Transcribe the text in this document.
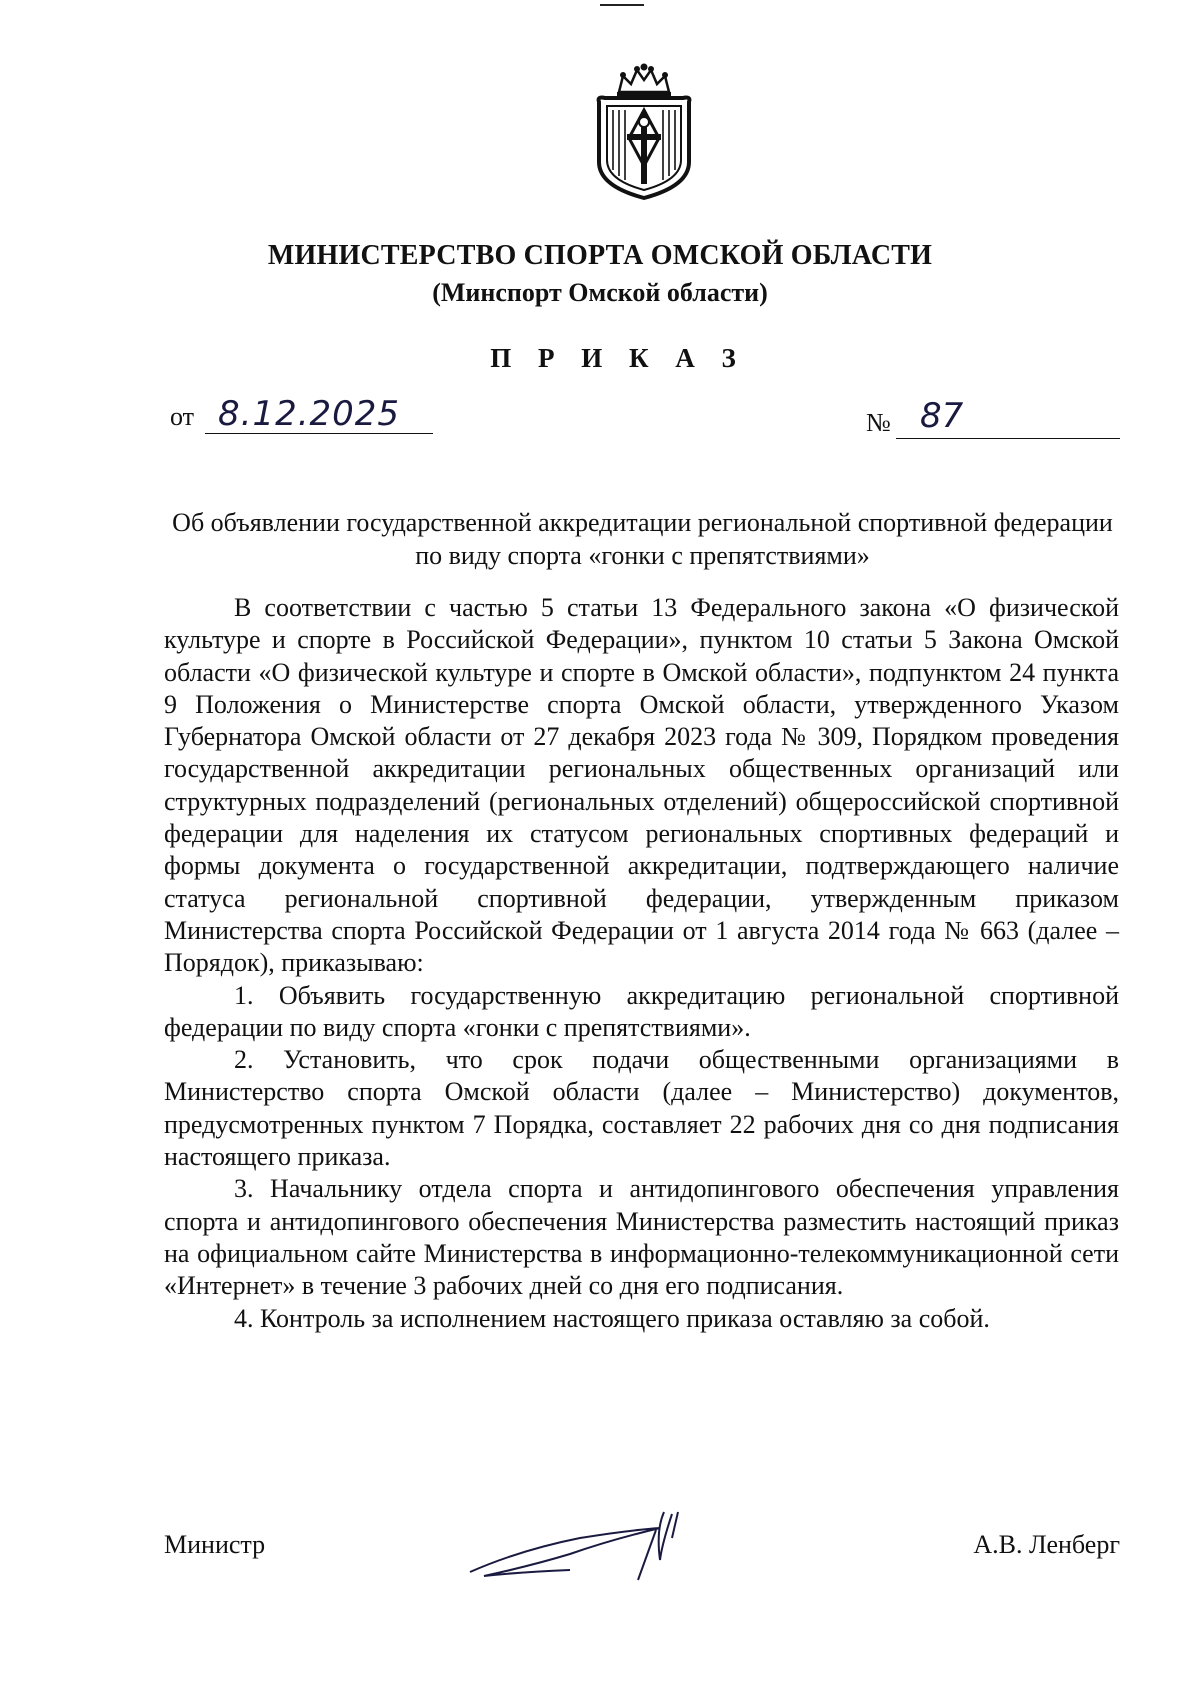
МИНИСТЕРСТВО СПОРТА ОМСКОЙ ОБЛАСТИ
(Минспорт Омской области)
П Р И К А З
от 8.12.2025	№ 87
Об объявлении государственной аккредитации региональной спортивной федерации по виду спорта «гонки с препятствиями»

В соответствии с частью 5 статьи 13 Федерального закона «О физической культуре и спорте в Российской Федерации», пунктом 10 статьи 5 Закона Омской области «О физической культуре и спорте в Омской области», подпунктом 24 пункта 9 Положения о Министерстве спорта Омской области, утвержденного Указом Губернатора Омской области от 27 декабря 2023 года № 309, Порядком проведения государственной аккредитации региональных общественных организаций или структурных подразделений (региональных отделений) общероссийской спортивной федерации для наделения их статусом региональных спортивных федераций и формы документа о государственной аккредитации, подтверждающего наличие статуса региональной спортивной федерации, утвержденным приказом Министерства спорта Российской Федерации от 1 августа 2014 года № 663 (далее – Порядок), приказываю:

1. Объявить государственную аккредитацию региональной спортивной федерации по виду спорта «гонки с препятствиями».

2. Установить, что срок подачи общественными организациями в Министерство спорта Омской области (далее – Министерство) документов, предусмотренных пунктом 7 Порядка, составляет 22 рабочих дня со дня подписания настоящего приказа.

3. Начальнику отдела спорта и антидопингового обеспечения управления спорта и антидопингового обеспечения Министерства разместить настоящий приказ на официальном сайте Министерства в информационно-телекоммуникационной сети «Интернет» в течение 3 рабочих дней со дня его подписания.

4. Контроль за исполнением настоящего приказа оставляю за собой.

Министр	А.В. Ленберг
